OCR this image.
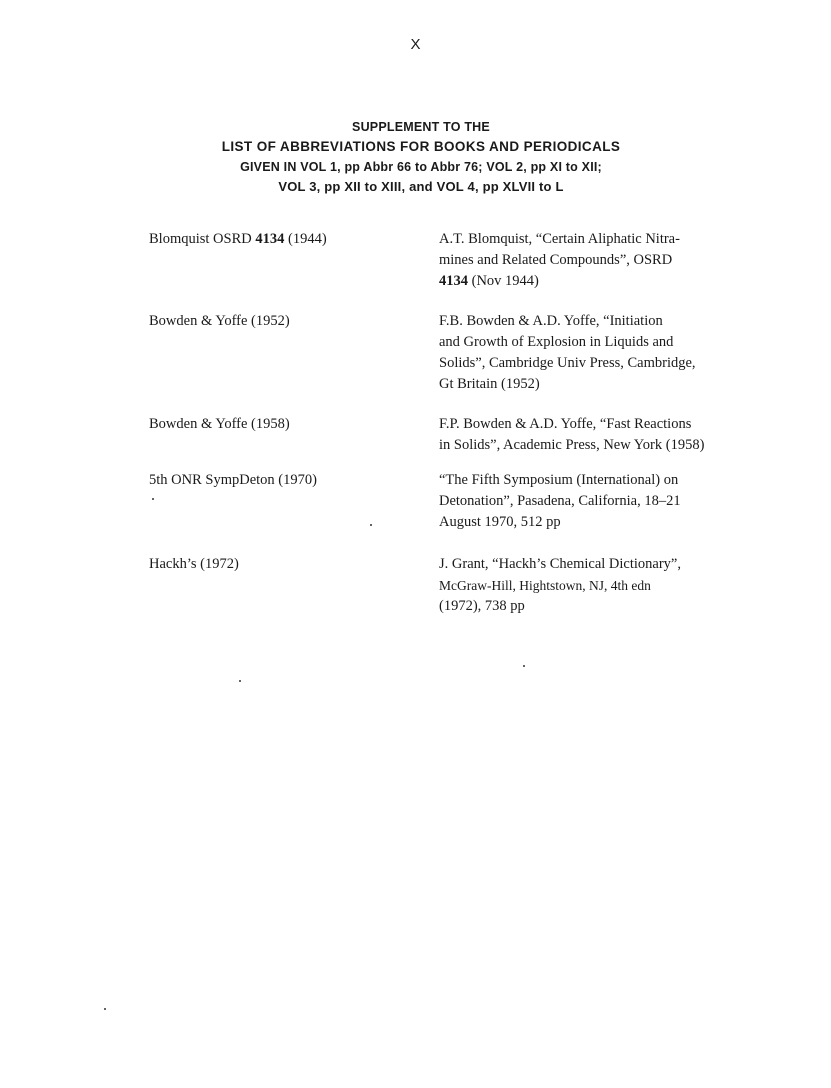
X
SUPPLEMENT TO THE
LIST OF ABBREVIATIONS FOR BOOKS AND PERIODICALS
GIVEN IN VOL 1, pp Abbr 66 to Abbr 76; VOL 2, pp XI to XII;
VOL 3, pp XII to XIII, and VOL 4, pp XLVII to L
Blomquist OSRD 4134 (1944)	A.T. Blomquist, “Certain Aliphatic Nitra-
mines and Related Compounds”, OSRD
4134 (Nov 1944)
Bowden & Yoffe (1952)	F.B. Bowden & A.D. Yoffe, “Initiation
and Growth of Explosion in Liquids and
Solids”, Cambridge Univ Press, Cambridge,
Gt Britain (1952)
Bowden & Yoffe (1958)	F.P. Bowden & A.D. Yoffe, “Fast Reactions
in Solids”, Academic Press, New York (1958)
5th ONR SympDeton (1970)	“The Fifth Symposium (International) on
Detonation”, Pasadena, California, 18–21
August 1970, 512 pp
Hackh’s (1972)	J. Grant, “Hackh’s Chemical Dictionary”,
McGraw-Hill, Hightstown, NJ, 4th edn
(1972), 738 pp
